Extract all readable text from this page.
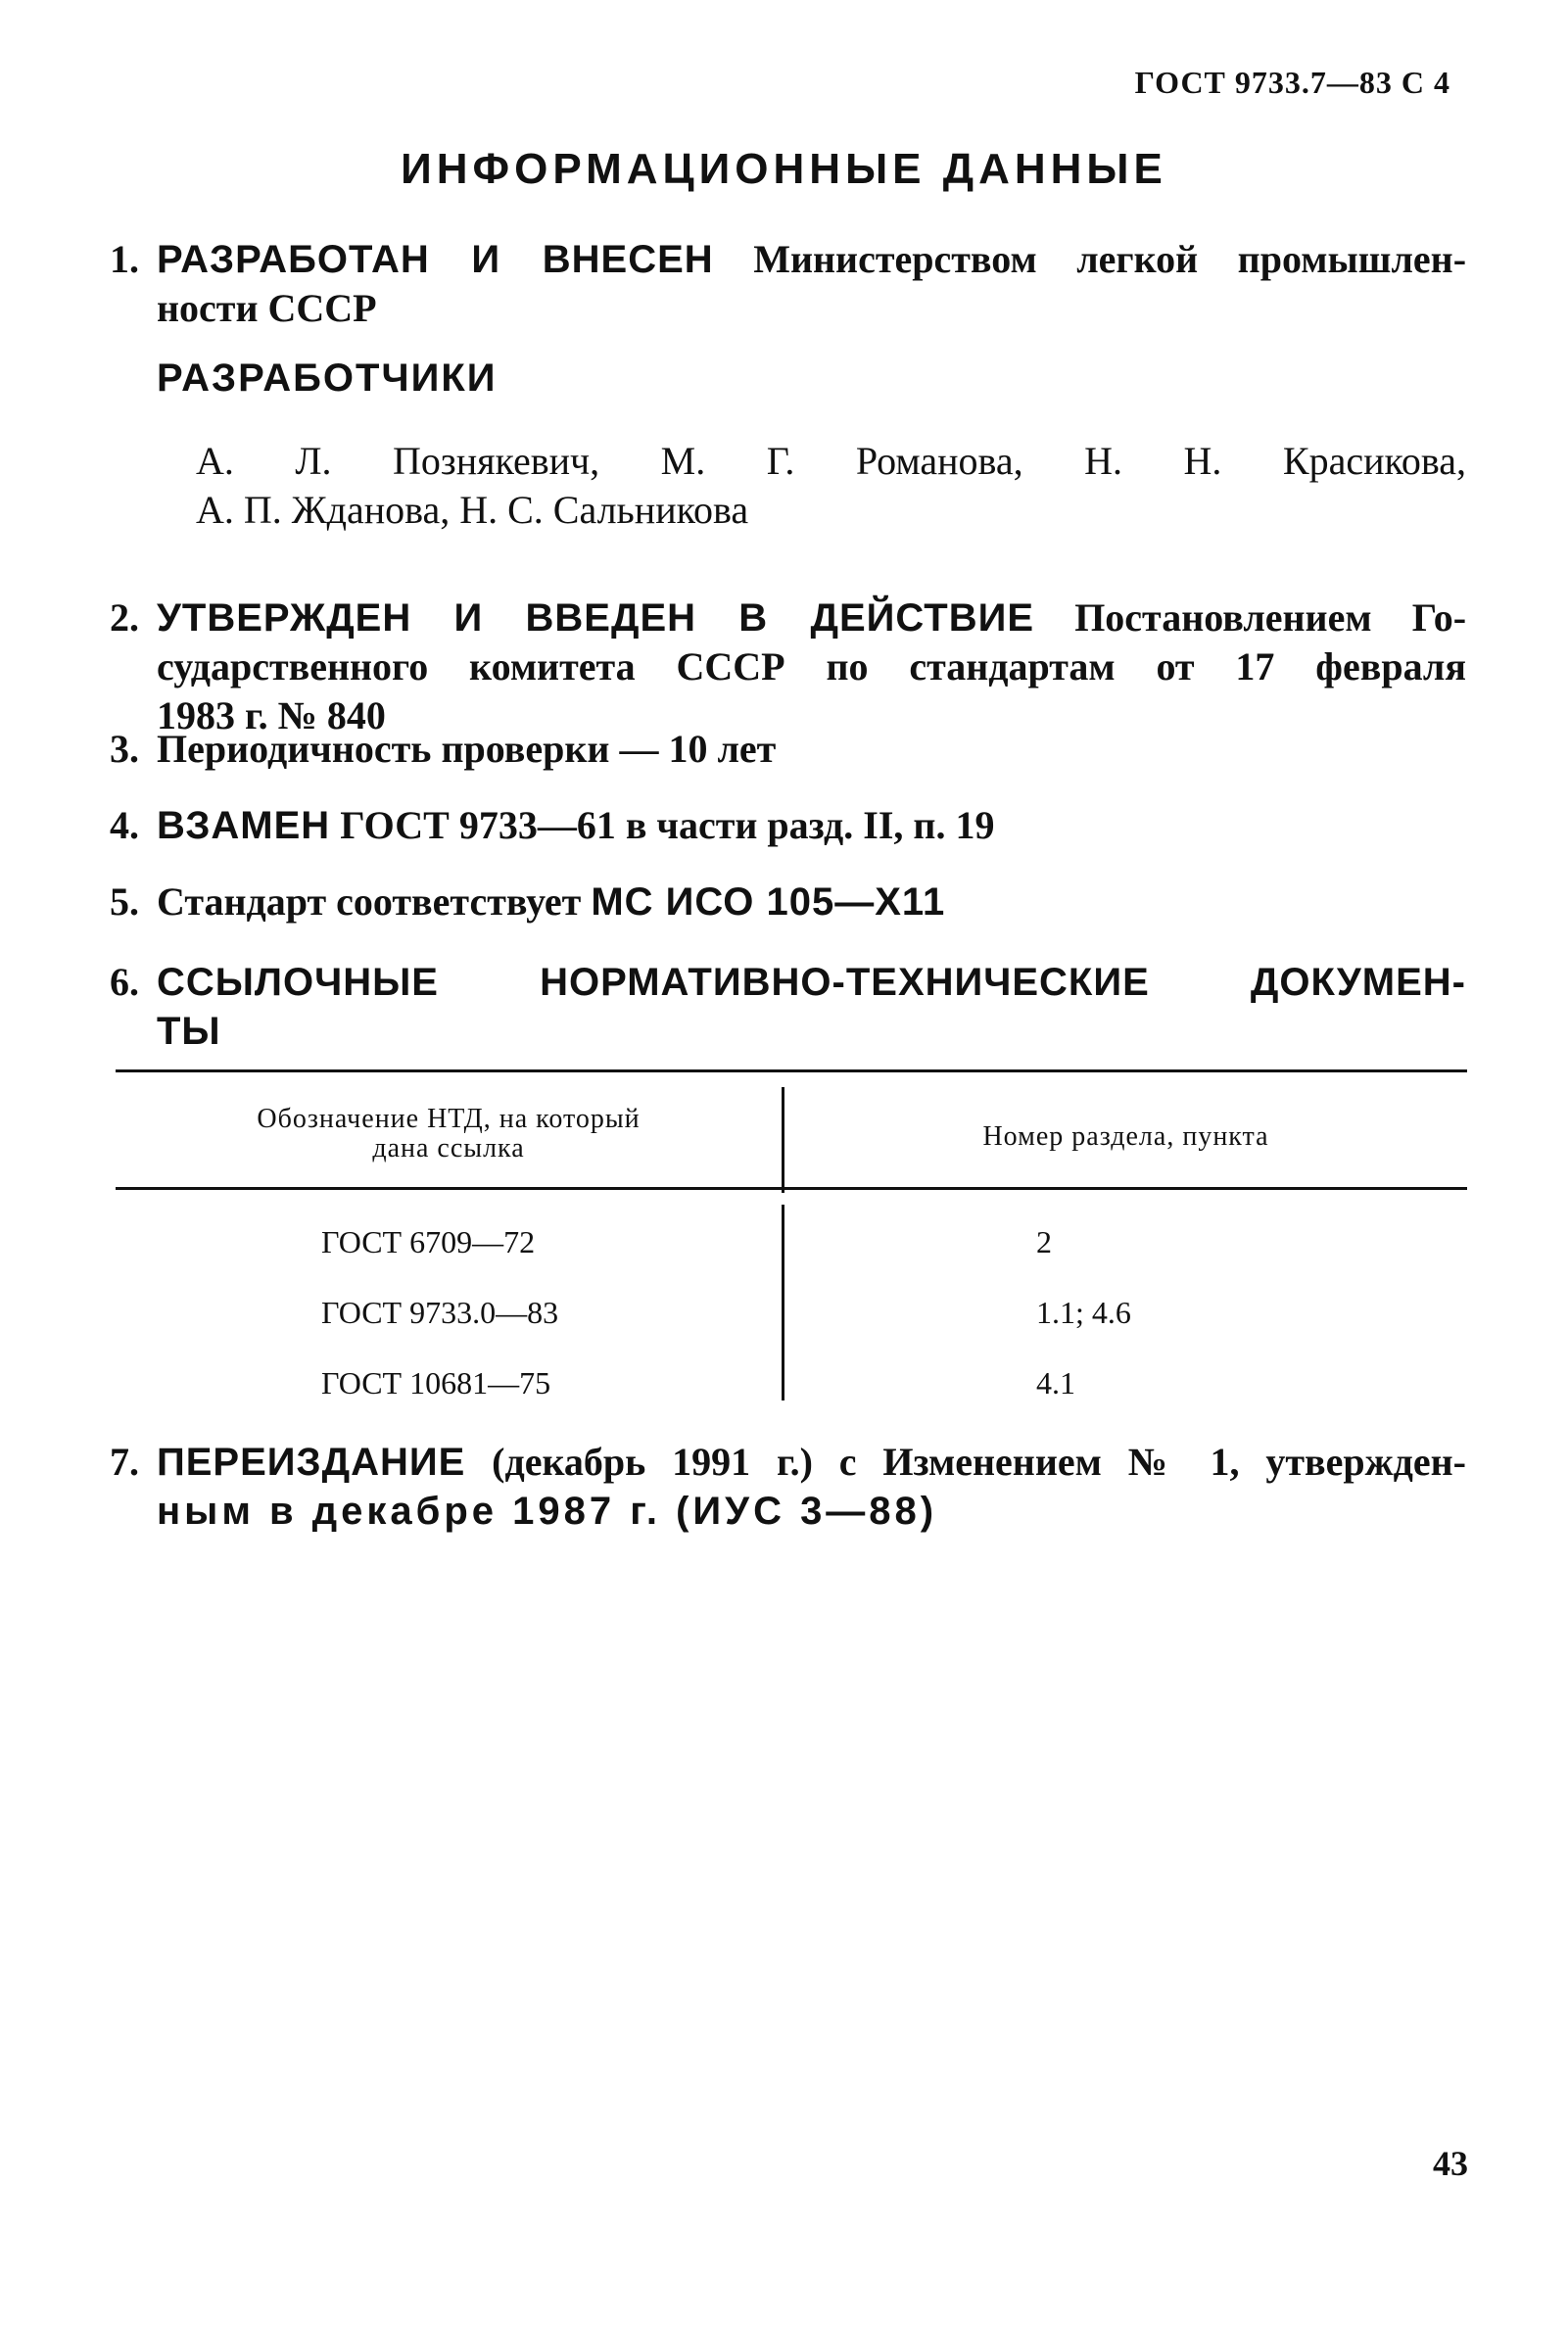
ГОСТ 9733.7—83 С 4
ИНФОРМАЦИОННЫЕ ДАННЫЕ
1. РАЗРАБОТАН И ВНЕСЕН Министерством легкой промышлен-
ности СССР
РАЗРАБОТЧИКИ
А. Л. Познякевич, М. Г. Романова, Н. Н. Красикова,
А. П. Жданова, Н. С. Сальникова
2. УТВЕРЖДЕН И ВВЕДЕН В ДЕЙСТВИЕ Постановлением Го-
сударственного комитета СССР по стандартам от 17 февраля
1983 г. № 840
3. Периодичность проверки — 10 лет
4. ВЗАМЕН ГОСТ 9733—61 в части разд. II, п. 19
5. Стандарт соответствует МС ИСО 105—X11
6. ССЫЛОЧНЫЕ НОРМАТИВНО-ТЕХНИЧЕСКИЕ ДОКУМЕН-
ТЫ
Обозначение НТД, на который
дана ссылка	Номер раздела, пункта
ГОСТ 6709—72	2
ГОСТ 9733.0—83	1.1; 4.6
ГОСТ 10681—75	4.1
7. ПЕРЕИЗДАНИЕ (декабрь 1991 г.) с Изменением № 1, утвержден-
ным в декабре 1987 г. (ИУС 3—88)
43
